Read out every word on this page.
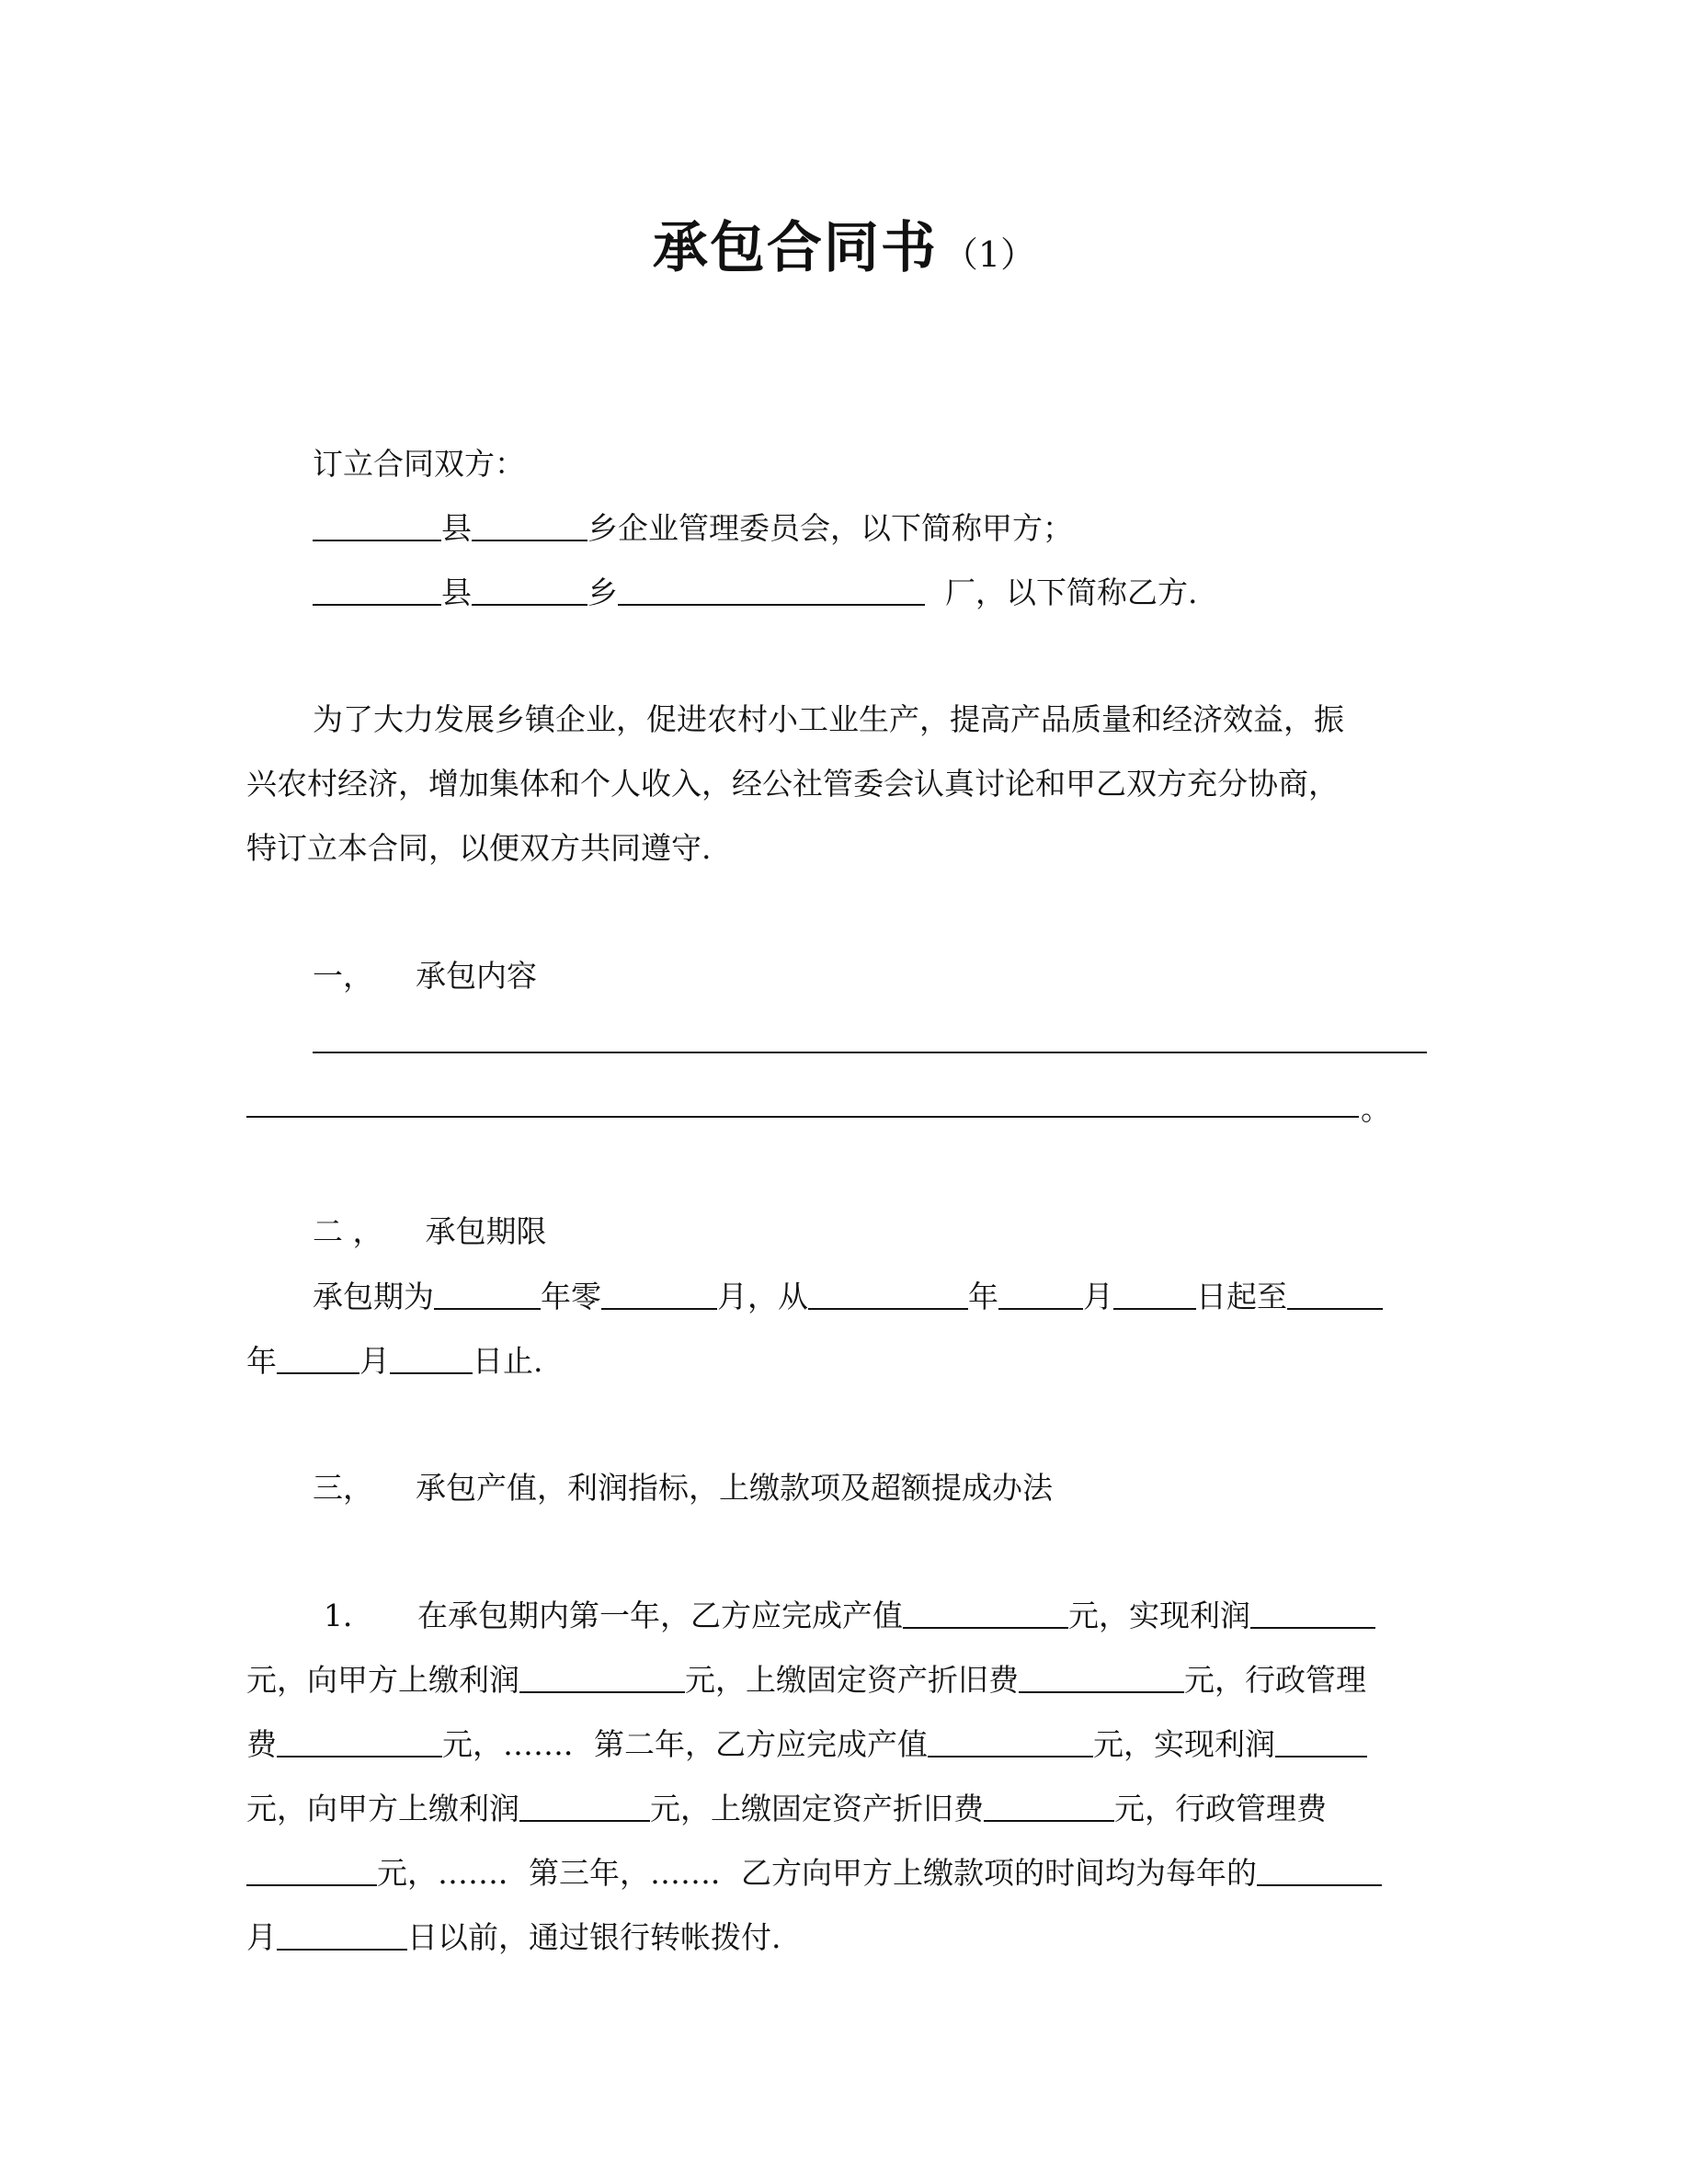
承包合同书 （1）
订立合同双方：
县	乡企业管理委员会，以下简称甲方；
县	乡	厂，以下简称乙方.
为了大力发展乡镇企业，促进农村小工业生产，提高产品质量和经济效益，振
兴农村经济，增加集体和个人收入，经公社管委会认真讨论和甲乙双方充分协商，
特订立本合同，以便双方共同遵守.
一， 承包内容
。
二 ， 承包期限
承包期为	年零	月，从	年	月	日起至
年	月	日止.
三， 承包产值，利润指标，上缴款项及超额提成办法
1． 在承包期内第一年，乙方应完成产值	元，实现利润
元，向甲方上缴利润	元，上缴固定资产折旧费	元，行政管理
费	元，……．第二年，乙方应完成产值	元，实现利润
元，向甲方上缴利润	元，上缴固定资产折旧费	元，行政管理费
元，……．第三年，……．乙方向甲方上缴款项的时间均为每年的
月	日以前，通过银行转帐拨付.
